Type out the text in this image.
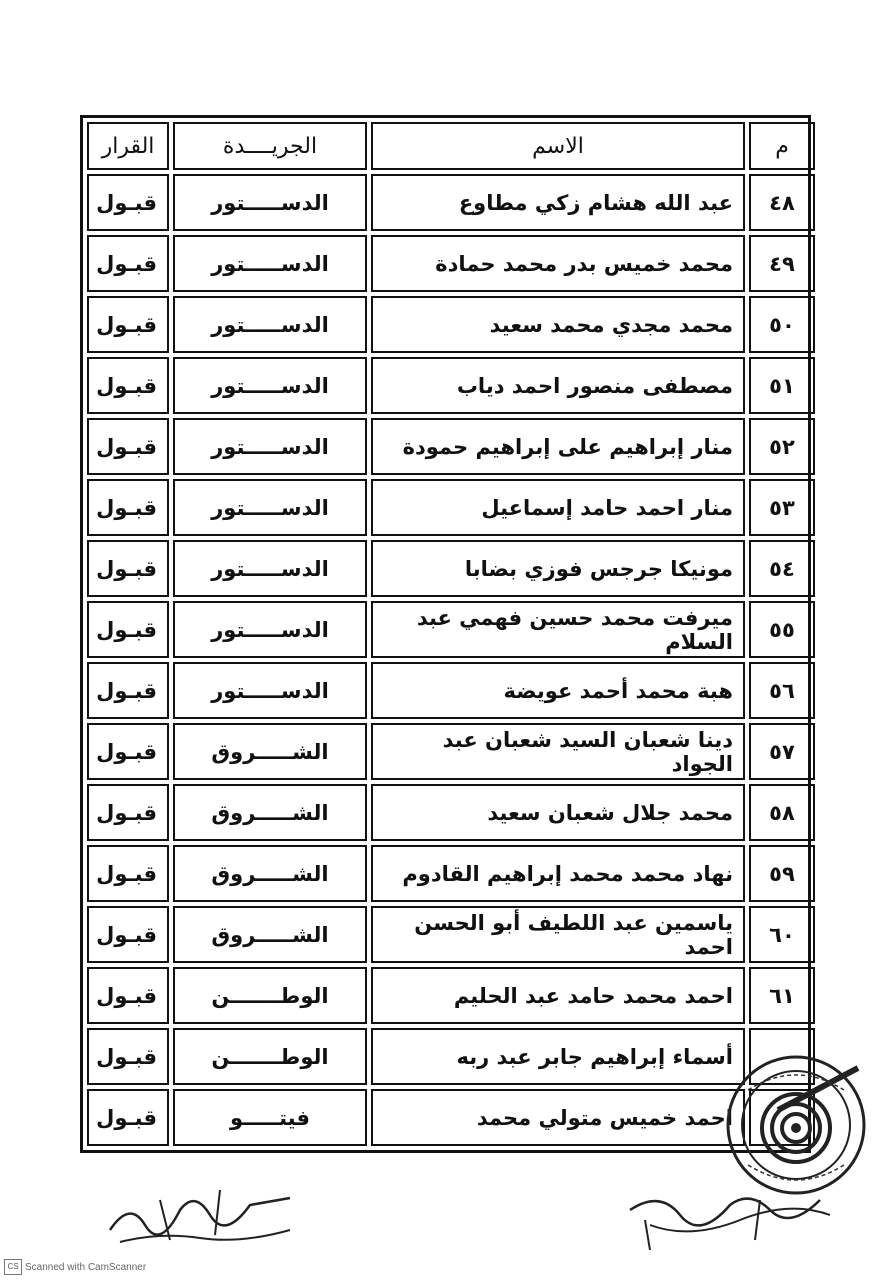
م	الاسم	الجريــــدة	القرار
٤٨	عبد الله هشام زكي مطاوع	الدســـــتور	قبـول
٤٩	محمد خميس بدر محمد حمادة	الدســـــتور	قبـول
٥٠	محمد مجدي محمد سعيد	الدســـــتور	قبـول
٥١	مصطفى منصور احمد دياب	الدســـــتور	قبـول
٥٢	منار إبراهيم على إبراهيم حمودة	الدســـــتور	قبـول
٥٣	منار احمد حامد إسماعيل	الدســـــتور	قبـول
٥٤	مونيكا جرجس فوزي بضابا	الدســـــتور	قبـول
٥٥	ميرفت محمد حسين فهمي عبد السلام	الدســـــتور	قبـول
٥٦	هبة محمد أحمد عويضة	الدســـــتور	قبـول
٥٧	دينا شعبان السيد شعبان عبد الجواد	الشـــــروق	قبـول
٥٨	محمد جلال شعبان سعيد	الشـــــروق	قبـول
٥٩	نهاد محمد محمد إبراهيم القادوم	الشـــــروق	قبـول
٦٠	ياسمين عبد اللطيف أبو الحسن احمد	الشـــــروق	قبـول
٦١	احمد محمد حامد عبد الحليم	الوطـــــــن	قبـول
	أسماء إبراهيم جابر عبد ربه	الوطـــــــن	قبـول
	احمد خميس متولي محمد	فيتـــــو	قبـول
CS Scanned with CamScanner
